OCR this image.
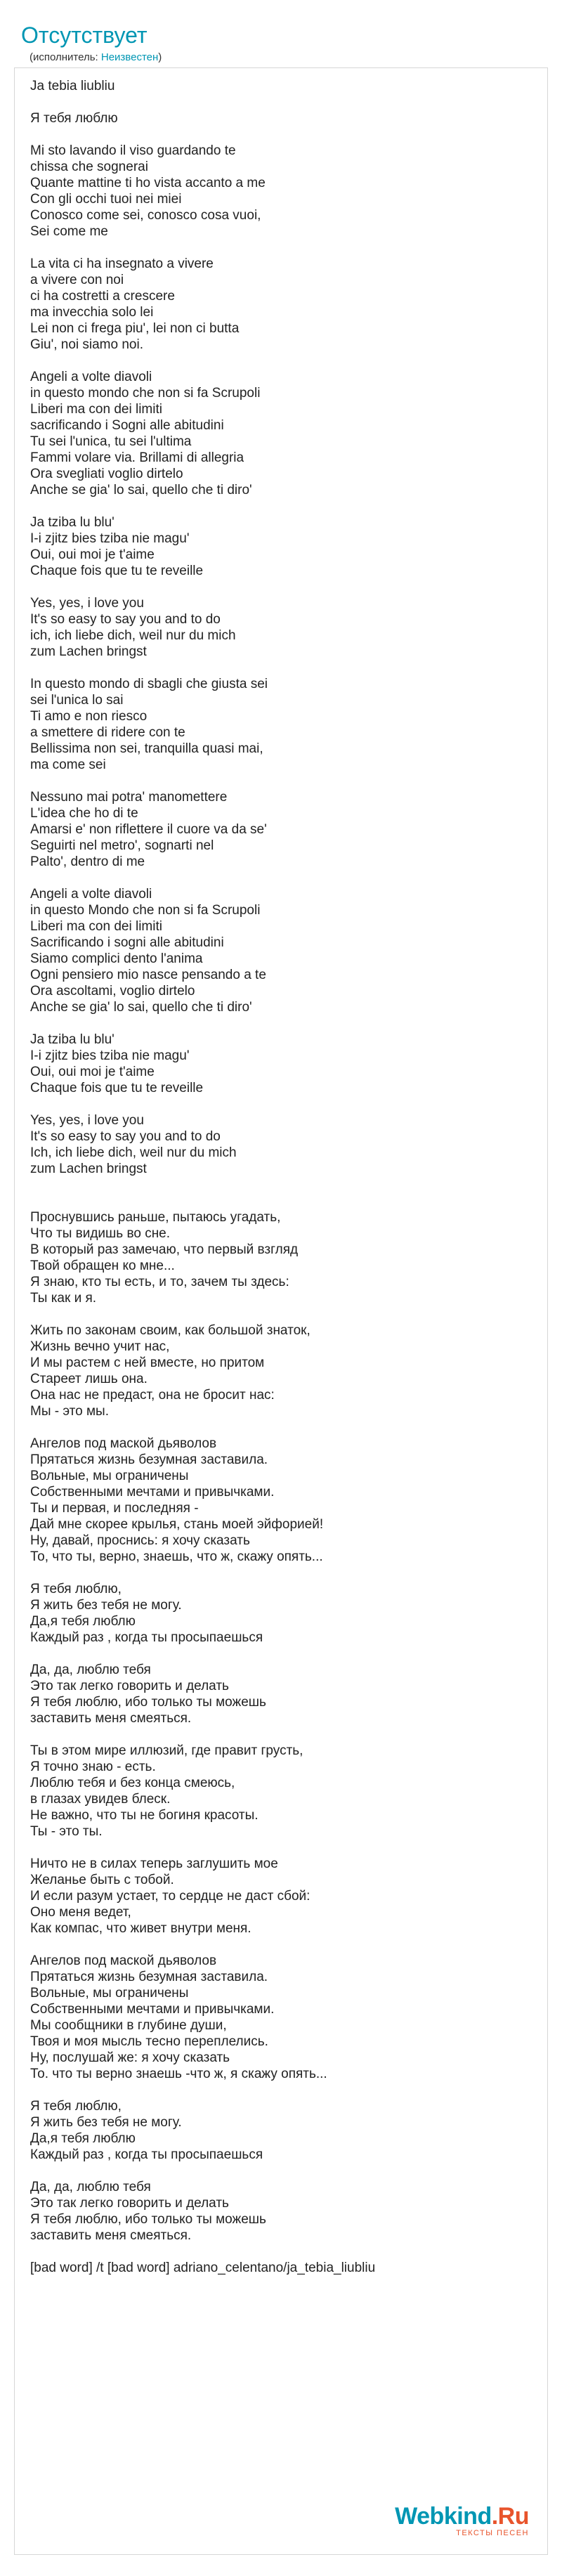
Отсутствует
(исполнитель: Неизвестен)
Ja tebia liubliu
Я тебя люблю
Mi sto lavando il viso guardando te
chissa che sognerai
Quante mattine ti ho vista accanto a me
Con gli occhi tuoi nei miei
Conosco come sei, conosco cosa vuoi,
Sei come me
La vita ci ha insegnato a vivere
a vivere con noi
ci ha costretti a crescere
ma invecchia solo lei
Lei non ci frega piu', lei non ci butta
Giu', noi siamo noi.
Angeli a volte diavoli
in questo mondo che non si fa Scrupoli
Liberi ma con dei limiti
sacrificando i Sogni alle abitudini
Tu sei l'unica, tu sei l'ultima
Fammi volare via. Brillami di allegria
Ora svegliati voglio dirtelo
Anche se gia' lo sai, quello che ti diro'
Ja tziba lu blu'
I-i zjitz bies tziba nie magu'
Oui, oui moi je t'aime
Chaque fois que tu te reveille
Yes, yes, i love you
It's so easy to say you and to do
ich, ich liebe dich, weil nur du mich
zum Lachen bringst
In questo mondo di sbagli che giusta sei
sei l'unica lo sai
Ti amo e non riesco
a smettere di ridere con te
Bellissima non sei, tranquilla quasi mai,
ma come sei
Nessuno mai potra' manomettere
L'idea che ho di te
Amarsi e' non riflettere il cuore va da se'
Seguirti nel metro', sognarti nel
Palto', dentro di me
Angeli a volte diavoli
in questo Mondo che non si fa Scrupoli
Liberi ma con dei limiti
Sacrificando i sogni alle abitudini
Siamo complici dento l'anima
Ogni pensiero mio nasce pensando a te
Ora ascoltami, voglio dirtelo
Anche se gia' lo sai, quello che ti diro'
Ja tziba lu blu'
I-i zjitz bies tziba nie magu'
Oui, oui moi je t'aime
Chaque fois que tu te reveille
Yes, yes, i love you
It's so easy to say you and to do
Ich, ich liebe dich, weil nur du mich
zum Lachen bringst
Проснувшись раньше, пытаюсь угадать,
Что ты видишь во сне.
В который раз замечаю, что первый взгляд
Твой обращен ко мне...
Я знаю, кто ты есть, и то, зачем ты здесь:
Ты как и я.
Жить по законам своим, как большой знаток,
Жизнь вечно учит нас,
И мы растем с ней вместе, но притом
Стареет лишь она.
Она нас не предаст, она не бросит нас:
Мы - это мы.
Ангелов под маской дьяволов
Прятаться жизнь безумная заставила.
Вольные, мы ограничены
Собственными мечтами и привычками.
Ты и первая, и последняя -
Дай мне скорее крылья, стань моей эйфорией!
Ну, давай, проснись: я хочу сказать
То, что ты, верно, знаешь, что ж, скажу опять...
Я тебя люблю,
Я жить без тебя не могу.
Да,я тебя люблю
Каждый раз , когда ты просыпаешься
Да, да, люблю тебя
Это так легко говорить и делать
Я тебя люблю, ибо только ты можешь
заставить меня смеяться.
Ты в этом мире иллюзий, где правит грусть,
Я точно знаю - есть.
Люблю тебя и без конца смеюсь,
в глазах увидев блеск.
Не важно, что ты не богиня красоты.
Ты - это ты.
Ничто не в силах теперь заглушить мое
Желанье быть с тобой.
И если разум устает, то сердце не даст сбой:
Оно меня ведет,
Как компас, что живет внутри меня.
Ангелов под маской дьяволов
Прятаться жизнь безумная заставила.
Вольные, мы ограничены
Собственными мечтами и привычками.
Мы сообщники в глубине души,
Твоя и моя мысль тесно переплелись.
Ну, послушай же: я хочу сказать
То. что ты верно знаешь -что ж, я скажу опять...
Я тебя люблю,
Я жить без тебя не могу.
Да,я тебя люблю
Каждый раз , когда ты просыпаешься
Да, да, люблю тебя
Это так легко говорить и делать
Я тебя люблю, ибо только ты можешь
заставить меня смеяться.
[bad word] /t [bad word] adriano_celentano/ja_tebia_liubliu
Webkind.Ru
ТЕКСТЫ ПЕСЕН
